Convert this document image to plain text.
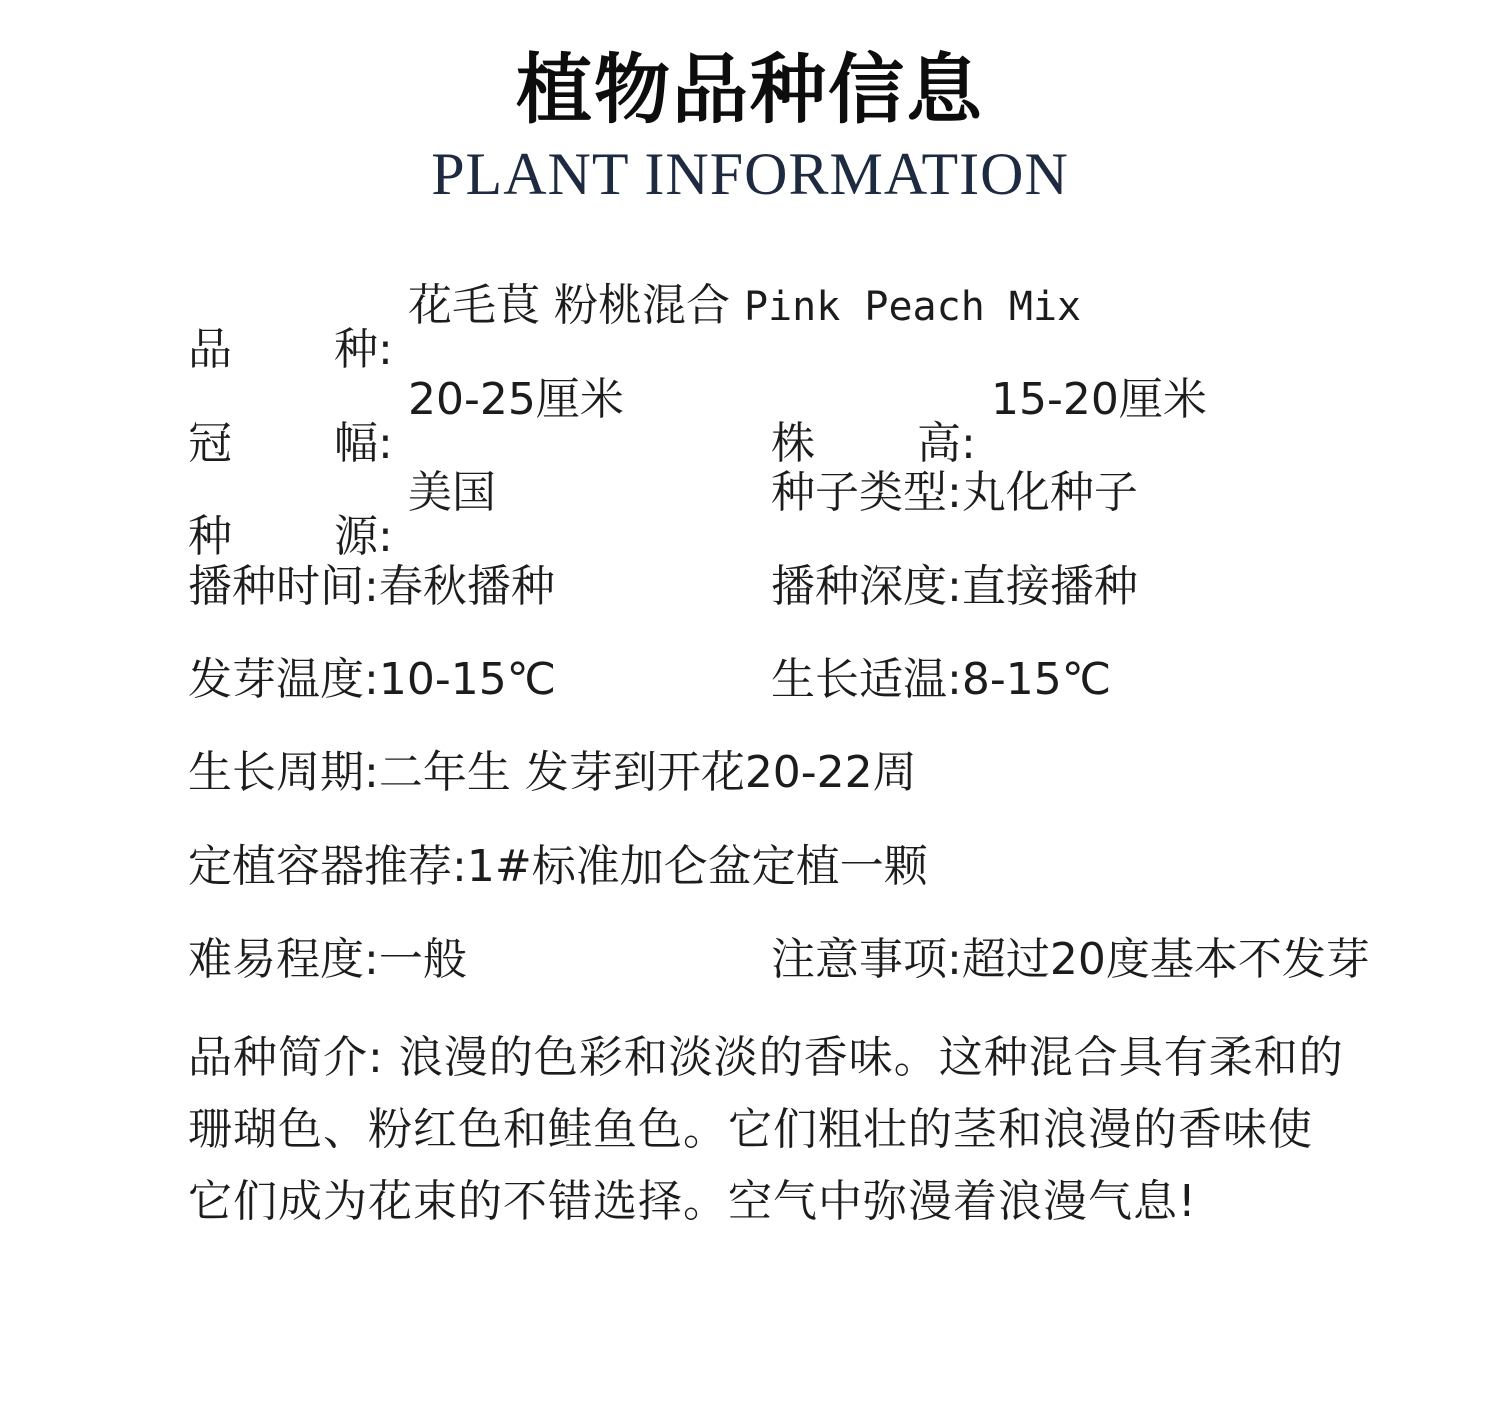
植物品种信息
PLANT INFORMATION
品 种:
花毛茛 粉桃混合 Pink Peach Mix
冠 幅:
20-25厘米
株 高:
15-20厘米
种 源:
美国	种子类型:丸化种子
播种时间:春秋播种	播种深度:直接播种
发芽温度:10-15℃	生长适温:8-15℃
生长周期:二年生 发芽到开花20-22周
定植容器推荐:1#标准加仑盆定植一颗
难易程度:一般	注意事项:超过20度基本不发芽
品种简介: 浪漫的色彩和淡淡的香味。这种混合具有柔和的珊瑚色、粉红色和鲑鱼色。它们粗壮的茎和浪漫的香味使它们成为花束的不错选择。空气中弥漫着浪漫气息!
